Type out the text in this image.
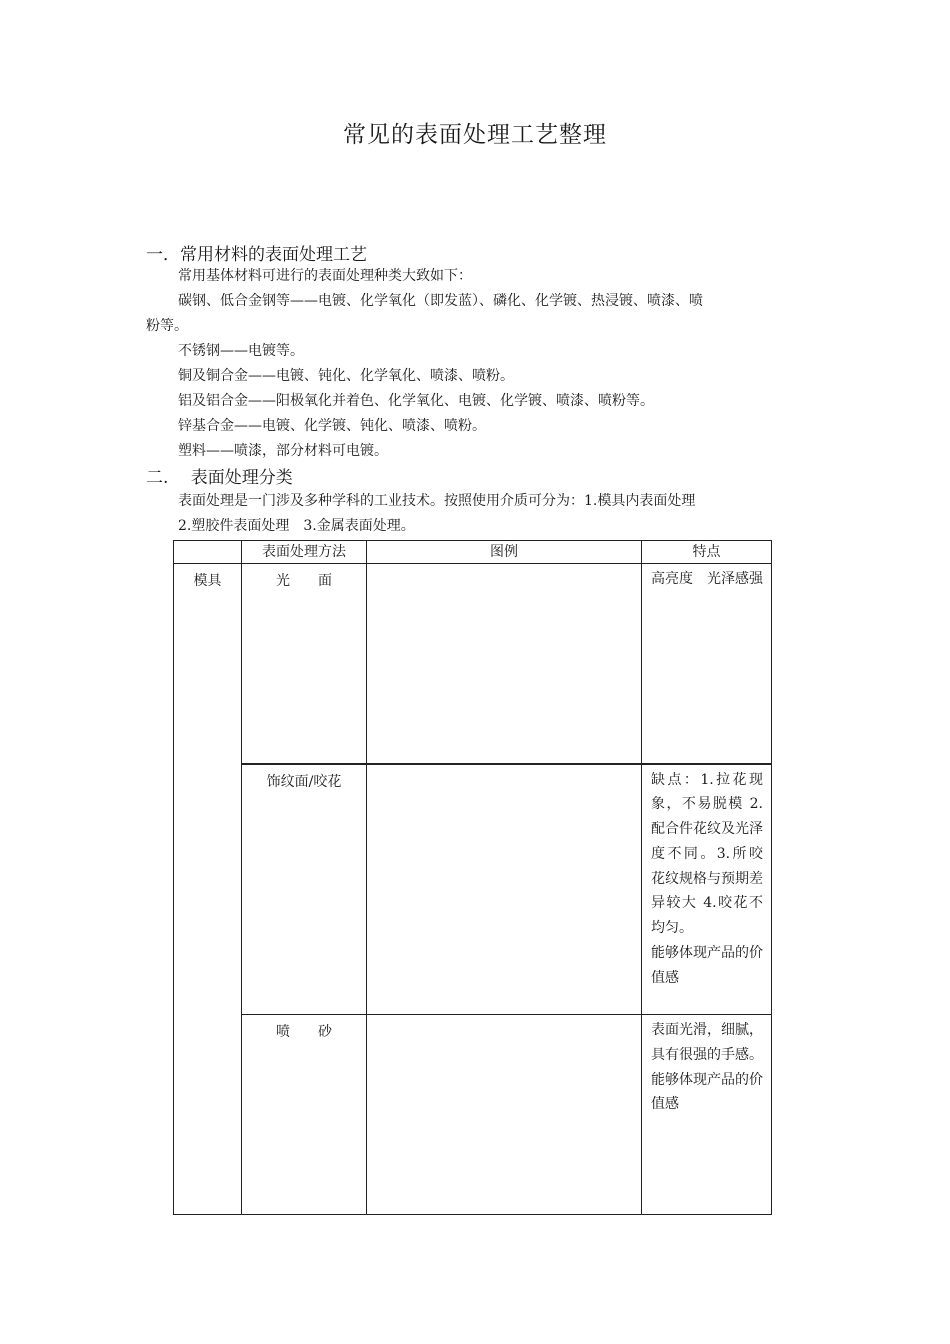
常见的表面处理工艺整理
一．常用材料的表面处理工艺
常用基体材料可进行的表面处理种类大致如下：
碳钢、低合金钢等——电镀、化学氧化（即发蓝）、磷化、化学镀、热浸镀、喷漆、喷
粉等。
不锈钢——电镀等。
铜及铜合金——电镀、钝化、化学氧化、喷漆、喷粉。
铝及铝合金——阳极氧化并着色、化学氧化、电镀、化学镀、喷漆、喷粉等。
锌基合金——电镀、化学镀、钝化、喷漆、喷粉。
塑料——喷漆，部分材料可电镀。
二.　 表面处理分类
表面处理是一门涉及多种学科的工业技术。按照使用介质可分为：1.模具内表面处理
2.塑胶件表面处理　3.金属表面处理。
	表面处理方法	图例	特点
模具	光　　面		高亮度　光泽感强

	饰纹面/咬花		缺点：1.拉花现象，不易脱模 2.配合件花纹及光泽度不同。3.所咬 花纹规格与预期差异较大 4.咬花不均匀。
能够体现产品的价值感

	喷　　砂		表面光滑，细腻，具有很强的手感。
能够体现产品的价值感
